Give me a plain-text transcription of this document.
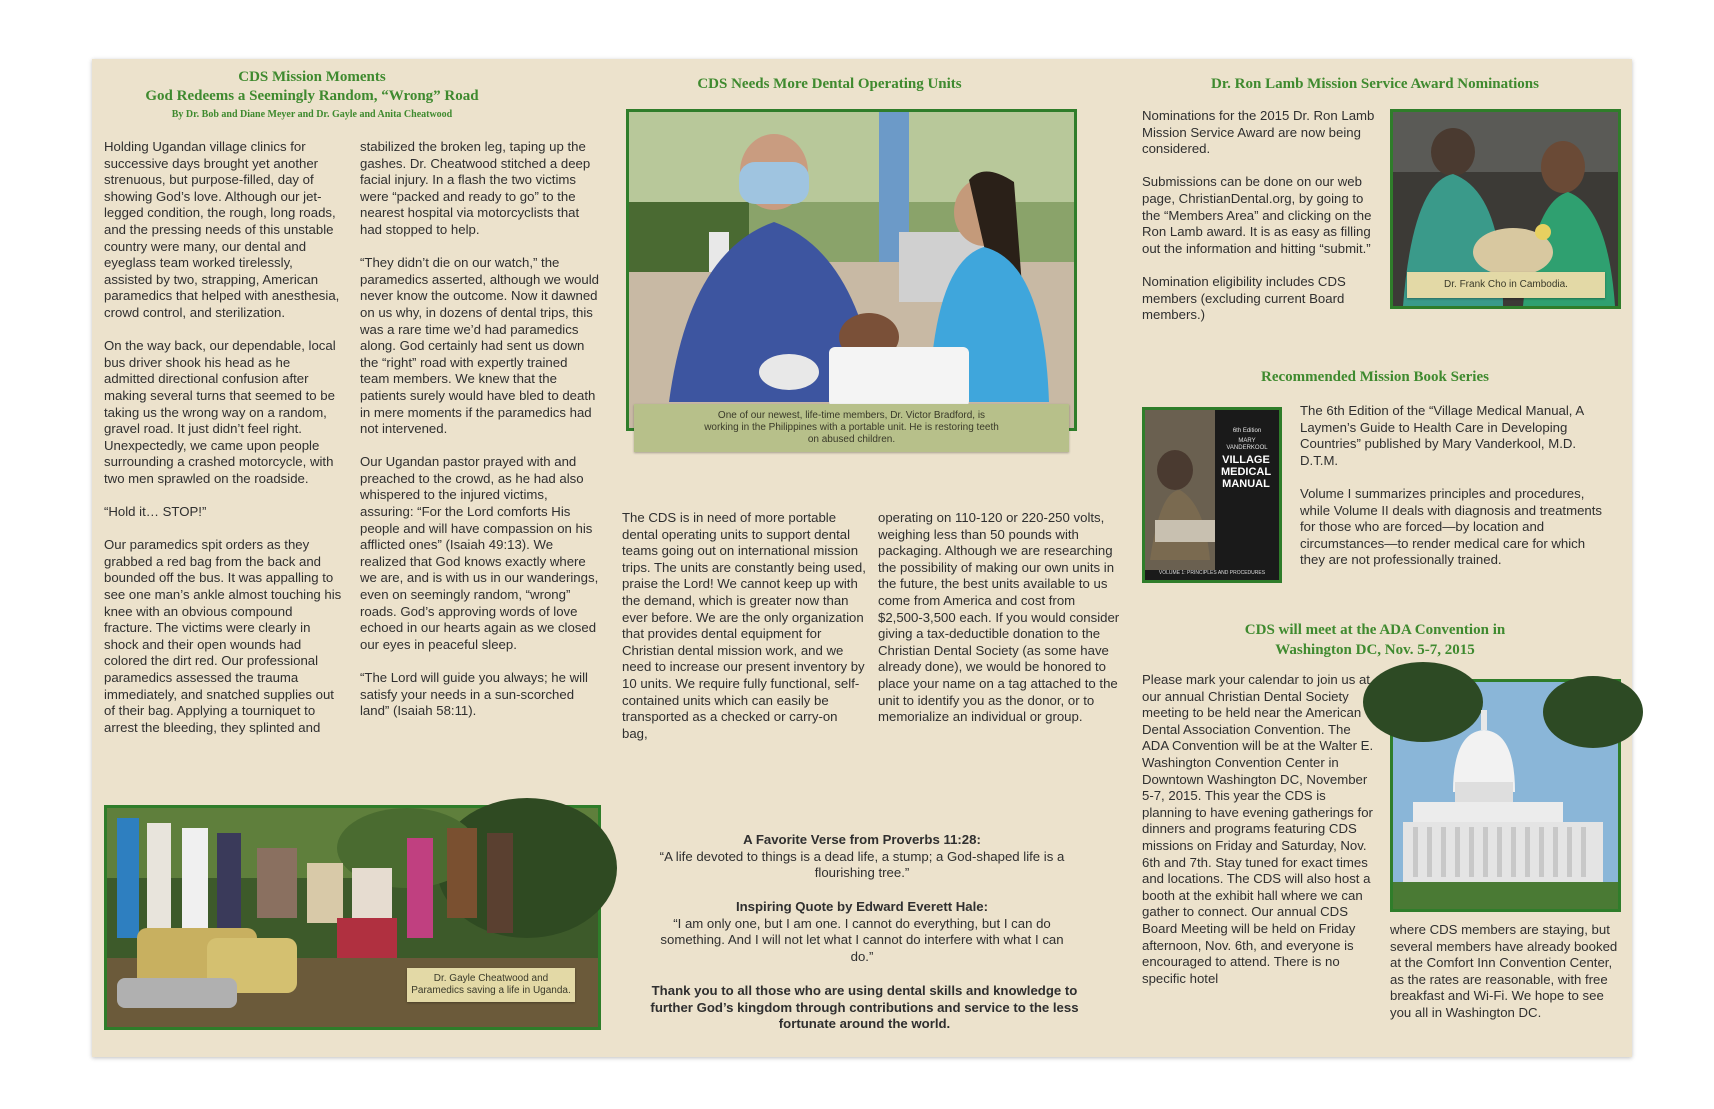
CDS Mission Moments
God Redeems a Seemingly Random, “Wrong” Road
By Dr. Bob and Diane Meyer and Dr. Gayle and Anita Cheatwood

Holding Ugandan village clinics for successive days brought yet another strenuous, but purpose-filled, day of showing God’s love. Although our jet-legged condition, the rough, long roads, and the pressing needs of this unstable country were many, our dental and eyeglass team worked tirelessly, assisted by two, strapping, American paramedics that helped with anesthesia, crowd control, and sterilization.

On the way back, our dependable, local bus driver shook his head as he admitted directional confusion after making several turns that seemed to be taking us the wrong way on a random, gravel road. It just didn’t feel right. Unexpectedly, we came upon people surrounding a crashed motorcycle, with two men sprawled on the roadside.

“Hold it… STOP!”

Our paramedics spit orders as they grabbed a red bag from the back and bounded off the bus. It was appalling to see one man’s ankle almost touching his knee with an obvious compound fracture. The victims were clearly in shock and their open wounds had colored the dirt red. Our professional paramedics assessed the trauma immediately, and snatched supplies out of their bag. Applying a tourniquet to arrest the bleeding, they splinted and

stabilized the broken leg, taping up the gashes. Dr. Cheatwood stitched a deep facial injury. In a flash the two victims were “packed and ready to go” to the nearest hospital via motorcyclists that had stopped to help.

“They didn’t die on our watch,” the paramedics asserted, although we would never know the outcome. Now it dawned on us why, in dozens of dental trips, this was a rare time we’d had paramedics along. God certainly had sent us down the “right” road with expertly trained team members. We knew that the patients surely would have bled to death in mere moments if the paramedics had not intervened.

Our Ugandan pastor prayed with and preached to the crowd, as he had also whispered to the injured victims, assuring: “For the Lord comforts His people and will have compassion on his afflicted ones” (Isaiah 49:13). We realized that God knows exactly where we are, and is with us in our wanderings, even on seemingly random, “wrong” roads. God’s approving words of love echoed in our hearts again as we closed our eyes in peaceful sleep.

“The Lord will guide you always; he will satisfy your needs in a sun-scorched land” (Isaiah 58:11).

Dr. Gayle Cheatwood and Paramedics saving a life in Uganda.
CDS Needs More Dental Operating Units
One of our newest, life-time members, Dr. Victor Bradford, is working in the Philippines with a portable unit. He is restoring teeth on abused children.
The CDS is in need of more portable dental operating units to support dental teams going out on international mission trips. The units are constantly being used, praise the Lord! We cannot keep up with the demand, which is greater now than ever before. We are the only organization that provides dental equipment for Christian dental mission work, and we need to increase our present inventory by 10 units. We require fully functional, self-contained units which can easily be transported as a checked or carry-on bag,
operating on 110-120 or 220-250 volts, weighing less than 50 pounds with packaging. Although we are researching the possibility of making our own units in the future, the best units available to us come from America and cost from $2,500-3,500 each. If you would consider giving a tax-deductible donation to the Christian Dental Society (as some have already done), we would be honored to place your name on a tag attached to the unit to identify you as the donor, or to memorialize an individual or group.
A Favorite Verse from Proverbs 11:28:
“A life devoted to things is a dead life, a stump; a God-shaped life is a flourishing tree.”
Inspiring Quote by Edward Everett Hale:
“I am only one, but I am one. I cannot do everything, but I can do something. And I will not let what I cannot do interfere with what I can do.”
Thank you to all those who are using dental skills and knowledge to further God’s kingdom through contributions and service to the less fortunate around the world.
Dr. Ron Lamb Mission Service Award Nominations

Nominations for the 2015 Dr. Ron Lamb Mission Service Award are now being considered.

Submissions can be done on our web page, ChristianDental.org, by going to the “Members Area” and clicking on the Ron Lamb award. It is as easy as filling out the information and hitting “submit.”

Nomination eligibility includes CDS members (excluding current Board members.)

Dr. Frank Cho in Cambodia.
Recommended Mission Book Series
6th Edition
MARY VANDERKOOL
VILLAGE
MEDICAL
MANUAL
VOLUME 1: PRINCIPLES AND PROCEDURES

The 6th Edition of the “Village Medical Manual, A Laymen’s Guide to Health Care in Developing Countries” published by Mary Vanderkool, M.D. D.T.M.

Volume I summarizes principles and procedures, while Volume II deals with diagnosis and treatments for those who are forced—by location and circumstances—to render medical care for which they are not professionally trained.

CDS will meet at the ADA Convention in
Washington DC, Nov. 5-7, 2015
Please mark your calendar to join us at our annual Christian Dental Society meeting to be held near the American Dental Association Convention. The ADA Convention will be at the Walter E. Washington Convention Center in Downtown Washington DC, November 5-7, 2015. This year the CDS is planning to have evening gatherings for dinners and programs featuring CDS missions on Friday and Saturday, Nov. 6th and 7th. Stay tuned for exact times and locations. The CDS will also host a booth at the exhibit hall where we can gather to connect. Our annual CDS Board Meeting will be held on Friday afternoon, Nov. 6th, and everyone is encouraged to attend. There is no specific hotel
where CDS members are staying, but several members have already booked at the Comfort Inn Convention Center, as the rates are reasonable, with free breakfast and Wi-Fi. We hope to see you all in Washington DC.
